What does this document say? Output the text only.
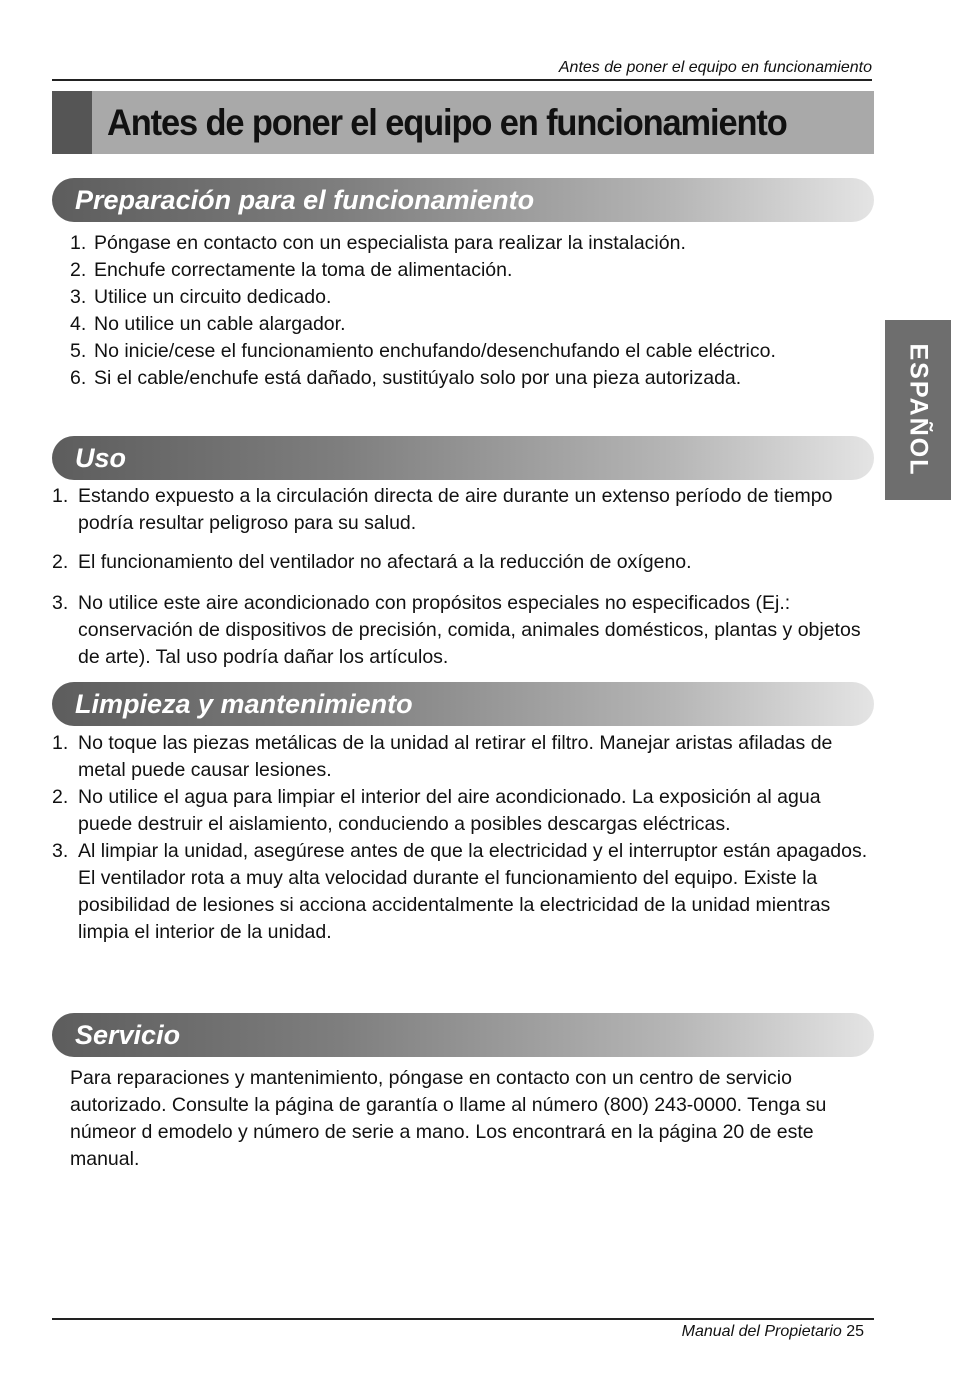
Antes de poner el equipo en funcionamiento
Antes de poner el equipo en funcionamiento
ESPAÑOL
Preparación para el funcionamiento
1. Póngase en contacto con un especialista para realizar la instalación.
2. Enchufe correctamente la toma de alimentación.
3. Utilice un circuito dedicado.
4. No utilice un cable alargador.
5. No inicie/cese el funcionamiento enchufando/desenchufando el cable eléctrico.
6. Si el cable/enchufe está dañado, sustitúyalo solo por una pieza autorizada.
Uso
1. Estando expuesto a la circulación directa de aire durante un extenso período de tiempo podría resultar peligroso para su salud.
2. El funcionamiento del ventilador no afectará a la reducción de oxígeno.
3. No utilice este aire acondicionado con propósitos especiales no especificados (Ej.: conservación de dispositivos de precisión, comida, animales domésticos, plantas y objetos de arte). Tal uso podría dañar los artículos.
Limpieza y mantenimiento
1. No toque las piezas metálicas de la unidad al retirar el filtro. Manejar aristas afiladas de metal puede causar lesiones.
2. No utilice el agua para limpiar el interior del aire acondicionado. La exposición al agua puede destruir el aislamiento, conduciendo a posibles descargas eléctricas.
3. Al limpiar la unidad, asegúrese antes de que la electricidad y el interruptor están apagados. El ventilador rota a muy alta velocidad durante el funcionamiento del equipo. Existe la posibilidad de lesiones si acciona accidentalmente la electricidad de la unidad mientras limpia el interior de la unidad.
Servicio

Para reparaciones y mantenimiento, póngase en contacto con un centro de servicio autorizado. Consulte la página de garantía o llame al número (800) 243-0000. Tenga su númeor d emodelo y número de serie a mano. Los encontrará en la página 20 de este manual.

Manual del Propietario 25
